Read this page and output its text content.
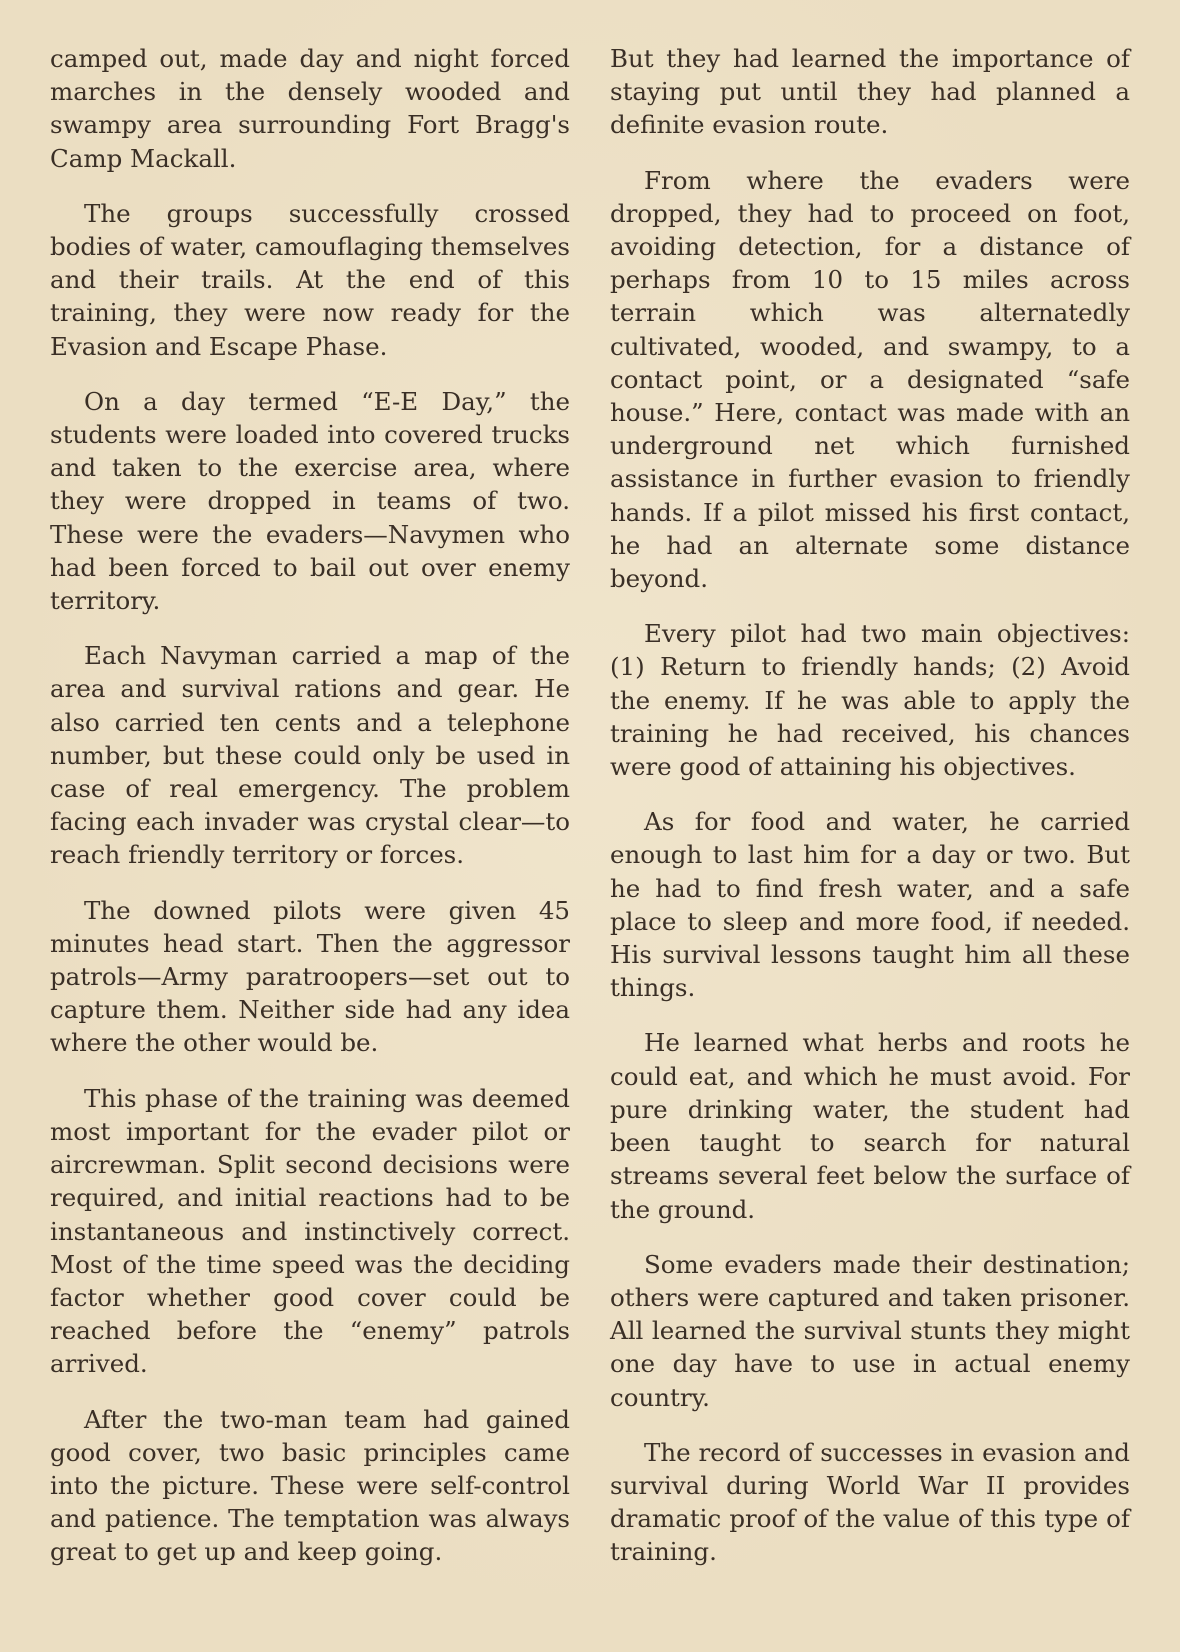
camped out, made day and night forced marches in the densely wooded and swampy area surrounding Fort Bragg's Camp Mackall.

The groups successfully crossed bodies of water, camouflaging themselves and their trails. At the end of this training, they were now ready for the Evasion and Escape Phase.

On a day termed “E-E Day,” the students were loaded into covered trucks and taken to the exercise area, where they were dropped in teams of two. These were the evaders—Navymen who had been forced to bail out over enemy territory.

Each Navyman carried a map of the area and survival rations and gear. He also carried ten cents and a telephone number, but these could only be used in case of real emergency. The problem facing each invader was crystal clear—to reach friendly territory or forces.

The downed pilots were given 45 minutes head start. Then the aggressor patrols—Army paratroopers—set out to capture them. Neither side had any idea where the other would be.

This phase of the training was deemed most important for the evader pilot or aircrewman. Split second decisions were required, and initial reactions had to be instantaneous and instinctively correct. Most of the time speed was the deciding factor whether good cover could be reached before the “enemy” patrols arrived.

After the two-man team had gained good cover, two basic principles came into the picture. These were self-control and patience. The temptation was always great to get up and keep going.

But they had learned the importance of staying put until they had planned a definite evasion route.

From where the evaders were dropped, they had to proceed on foot, avoiding detection, for a distance of perhaps from 10 to 15 miles across terrain which was alternatedly cultivated, wooded, and swampy, to a contact point, or a designated “safe house.” Here, contact was made with an underground net which furnished assistance in further evasion to friendly hands. If a pilot missed his first contact, he had an alternate some distance beyond.

Every pilot had two main objectives: (1) Return to friendly hands; (2) Avoid the enemy. If he was able to apply the training he had received, his chances were good of attaining his objectives.

As for food and water, he carried enough to last him for a day or two. But he had to find fresh water, and a safe place to sleep and more food, if needed. His survival lessons taught him all these things.

He learned what herbs and roots he could eat, and which he must avoid. For pure drinking water, the student had been taught to search for natural streams several feet below the surface of the ground.

Some evaders made their destination; others were captured and taken prisoner. All learned the survival stunts they might one day have to use in actual enemy country.

The record of successes in evasion and survival during World War II provides dramatic proof of the value of this type of training.
